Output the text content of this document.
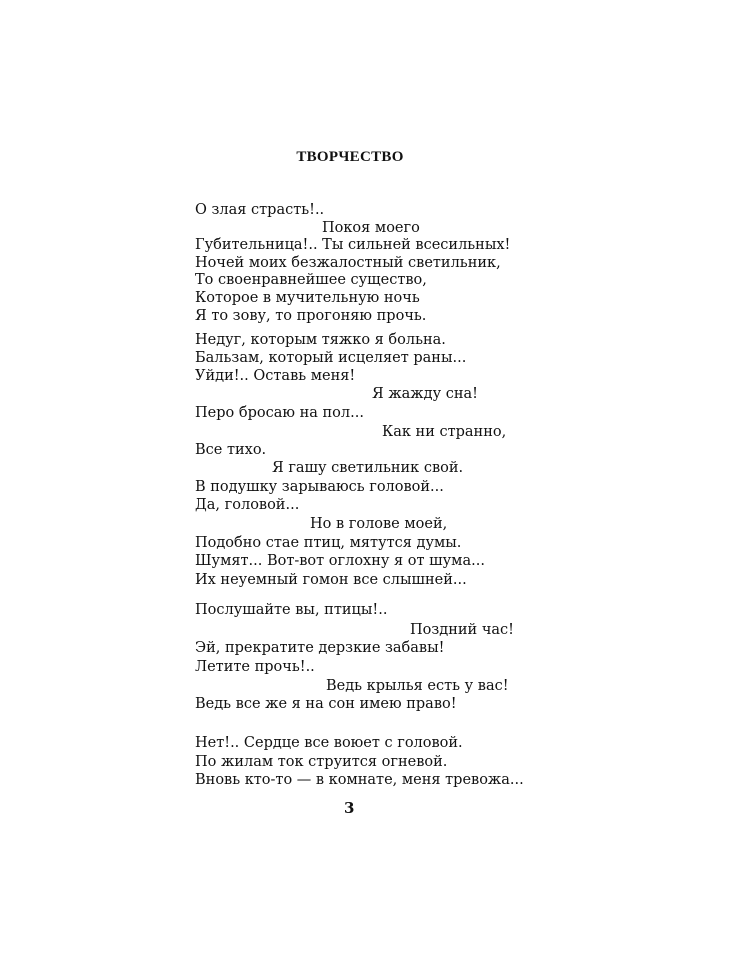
ТВОРЧЕСТВО
О злая страсть!..
Покоя моего
Губительница!.. Ты сильней всесильных!
Ночей моих безжалостный светильник,
То своенравнейшее существо,
Которое в мучительную ночь
Я то зову, то прогоняю прочь.
Недуг, которым тяжко я больна.
Бальзам, который исцеляет раны...
Уйди!.. Оставь меня!
Я жажду сна!
Перо бросаю на пол...
Как ни странно,
Все тихо.
Я гашу светильник свой.
В подушку зарываюсь головой...
Да, головой...
Но в голове моей,
Подобно стае птиц, мятутся думы.
Шумят... Вот-вот оглохну я от шума...
Их неуемный гомон все слышней...
Послушайте вы, птицы!..
Поздний час!
Эй, прекратите дерзкие забавы!
Летите прочь!..
Ведь крылья есть у вас!
Ведь все же я на сон имею право!
Нет!.. Сердце все воюет с головой.
По жилам ток струится огневой.
Вновь кто-то — в комнате, меня тревожа...
3
